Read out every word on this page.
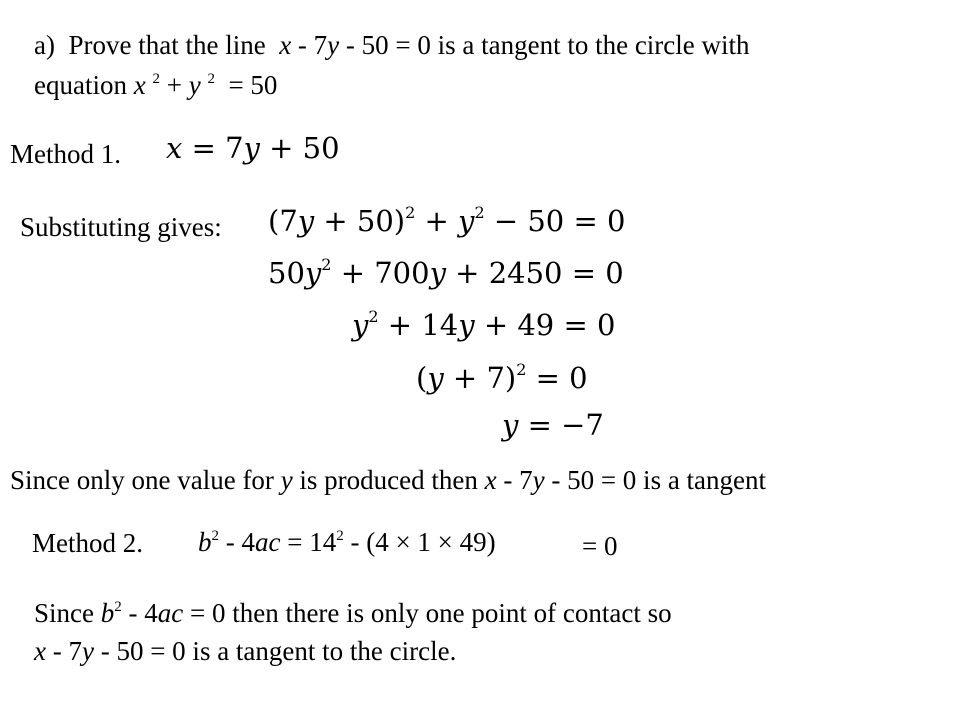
a) Prove that the line x - 7y - 50 = 0 is a tangent to the circle with
equation x $^2$ + y $^2$ = 50
Method 1. x = 7y + 50
Substituting gives: $(7y + 50)^2 + y^2 - 50 = 0$
$50y^2 + 700y + 2450 = 0$
$y^2 + 14y + 49 = 0$
$(y + 7)^2 = 0$
y = −7
Since only one value for y is produced then x - 7y - 50 = 0 is a tangent
Method 2. $b^2 - 4ac = 14^2 - (4 \times 1 \times 49)$	= 0
Since $b^2 - 4ac = 0$ then there is only one point of contact so
x - 7y - 50 = 0 is a tangent to the circle.
